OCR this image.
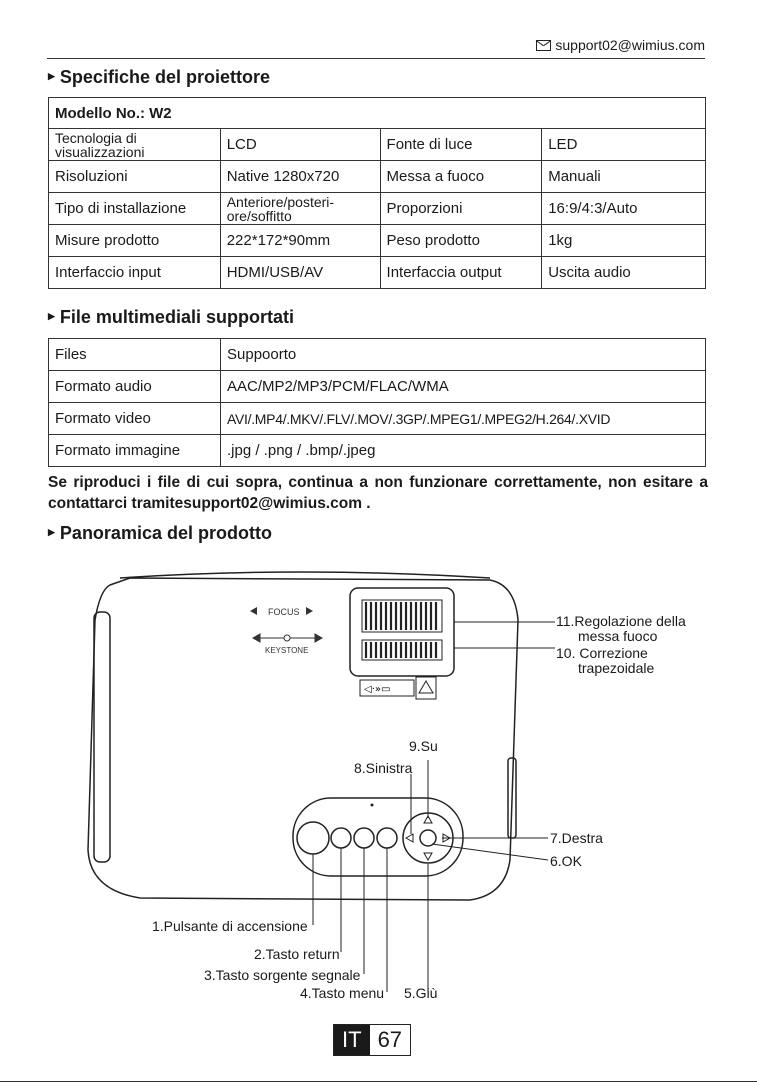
support02@wimius.com
▶ Specifiche del proiettore
Modello No.: W2			
Tecnologia di visualizzazioni	LCD	Fonte di luce	LED
Risoluzioni	Native 1280x720	Messa a fuoco	Manuali
Tipo di installazione	Anteriore/posteri-ore/soffitto	Proporzioni	16:9/4:3/Auto
Misure prodotto	222*172*90mm	Peso prodotto	1kg
Interfaccio input	HDMI/USB/AV	Interfaccia output	Uscita audio
▶ File multimediali supportati
Files	Suppoorto
Formato audio	AAC/MP2/MP3/PCM/FLAC/WMA
Formato video	AVI/.MP4/.MKV/.FLV/.MOV/.3GP/.MPEG1/.MPEG2/H.264/.XVID
Formato immagine	.jpg / .png / .bmp/.jpeg
Se riproduci i file di cui sopra, continua a non funzionare correttamente, non esitare a contattarci tramitesupport02@wimius.com .
▶ Panoramica del prodotto
FOCUS
KEYSTONE
◁·»▭
11.Regolazione della
messa fuoco
10. Correzione
trapezoidale
9.Su
8.Sinistra
7.Destra
6.OK
1.Pulsante di accensione
2.Tasto return
3.Tasto sorgente segnale
4.Tasto menu 5.Giù
IT 67
